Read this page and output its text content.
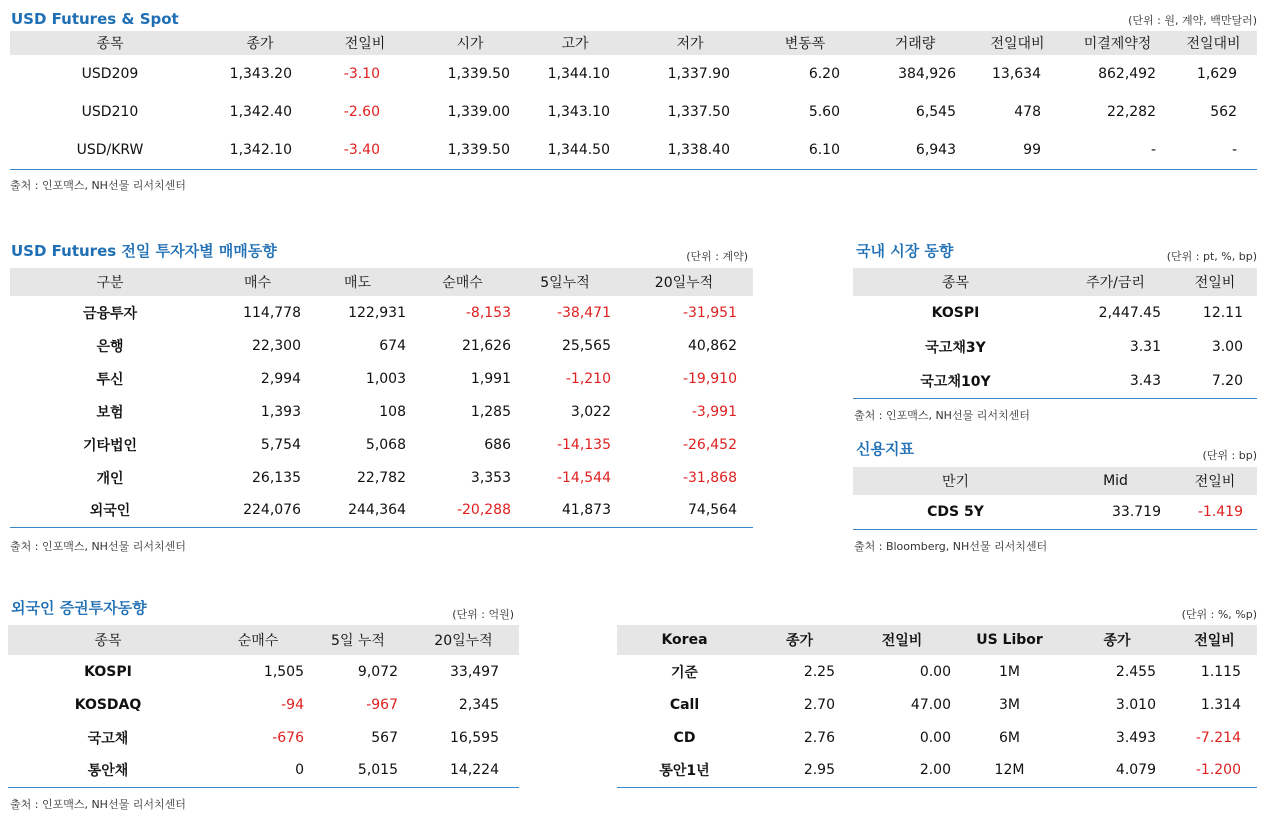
USD Futures & Spot	(단위 : 원, 계약, 백만달러)
종목	종가	전일비	시가	고가	저가	변동폭	거래량	전일대비	미결제약정	전일대비
USD209	1,343.20	-3.10	1,339.50	1,344.10	1,337.90	6.20	384,926	13,634	862,492	1,629
USD210	1,342.40	-2.60	1,339.00	1,343.10	1,337.50	5.60	6,545	478	22,282	562
USD/KRW	1,342.10	-3.40	1,339.50	1,344.50	1,338.40	6.10	6,943	99	-	-
출처 : 인포맥스, NH선물 리서치센터
USD Futures 전일 투자자별 매매동향	(단위 : 계약)
구분	매수	매도	순매수	5일누적	20일누적
금융투자	114,778	122,931	-8,153	-38,471	-31,951
은행	22,300	674	21,626	25,565	40,862
투신	2,994	1,003	1,991	-1,210	-19,910
보험	1,393	108	1,285	3,022	-3,991
기타법인	5,754	5,068	686	-14,135	-26,452
개인	26,135	22,782	3,353	-14,544	-31,868
외국인	224,076	244,364	-20,288	41,873	74,564
출처 : 인포맥스, NH선물 리서치센터
국내 시장 동향	(단위 : pt, %, bp)
종목	주가/금리	전일비
KOSPI	2,447.45	12.11
국고채3Y	3.31	3.00
국고채10Y	3.43	7.20
출처 : 인포맥스, NH선물 리서치센터
신용지표	(단위 : bp)
만기	Mid	전일비
CDS 5Y	33.719	-1.419
출처 : Bloomberg, NH선물 리서치센터
외국인 증권투자동향	(단위 : 억원)
종목	순매수	5일 누적	20일누적
KOSPI	1,505	9,072	33,497
KOSDAQ	-94	-967	2,345
국고채	-676	567	16,595
통안채	0	5,015	14,224
출처 : 인포맥스, NH선물 리서치센터
(단위 : %, %p)
Korea	종가	전일비	US Libor	종가	전일비
기준	2.25	0.00	1M	2.455	1.115
Call	2.70	47.00	3M	3.010	1.314
CD	2.76	0.00	6M	3.493	-7.214
통안1년	2.95	2.00	12M	4.079	-1.200
